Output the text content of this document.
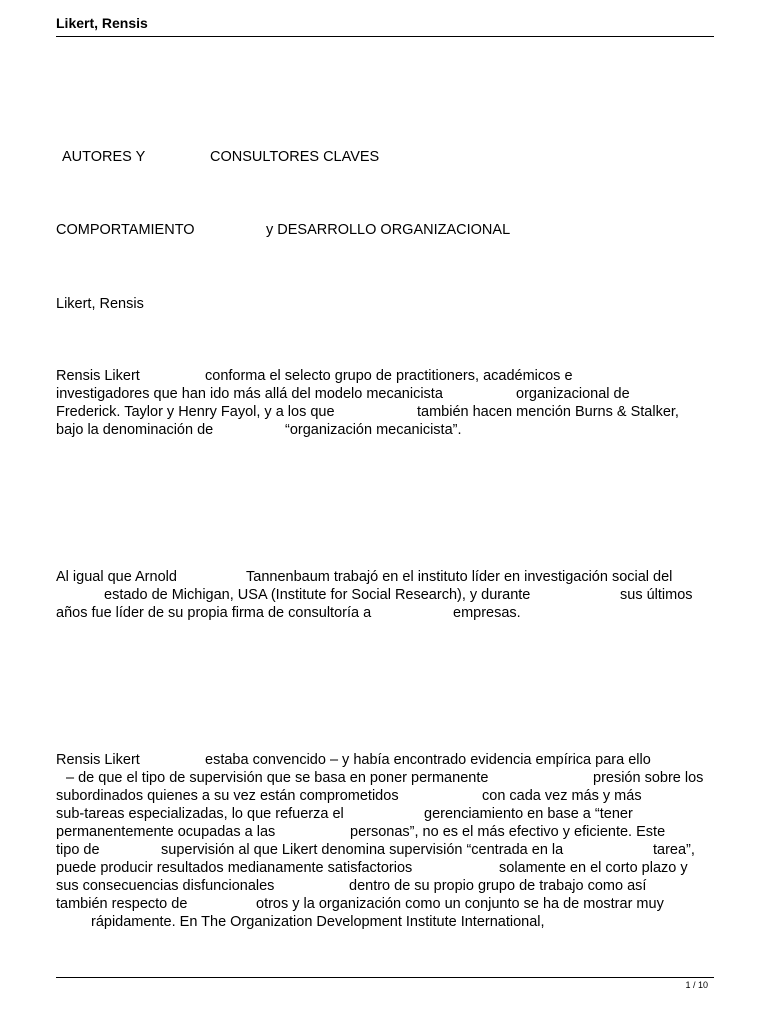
Likert, Rensis
AUTORES Y	CONSULTORES CLAVES
COMPORTAMIENTO	y DESARROLLO ORGANIZACIONAL
Likert, Rensis
Rensis Likert	conforma el selecto grupo de practitioners, académicos e
investigadores que han ido más allá del modelo mecanicista	organizacional de
Frederick. Taylor y Henry Fayol, y a los que	también hacen mención Burns & Stalker,
bajo la denominación de	“organización mecanicista”.
Al igual que Arnold	Tannenbaum trabajó en el instituto líder en investigación social del
estado de Michigan, USA (Institute for Social Research), y durante	sus últimos
años fue líder de su propia firma de consultoría a	empresas.
Rensis Likert	estaba convencido – y había encontrado evidencia empírica para ello
– de que el tipo de supervisión que se basa en poner permanente	presión sobre los
subordinados quienes a su vez están comprometidos	con cada vez más y más
sub-tareas especializadas, lo que refuerza el	gerenciamiento en base a “tener
permanentemente ocupadas a las	personas”, no es el más efectivo y eficiente. Este
tipo de	supervisión al que Likert denomina supervisión “centrada en la	tarea”,
puede producir resultados medianamente satisfactorios	solamente en el corto plazo y
sus consecuencias disfuncionales	dentro de su propio grupo de trabajo como así
también respecto de	otros y la organización como un conjunto se ha de mostrar muy
rápidamente. En The Organization Development Institute International,
1 / 10
